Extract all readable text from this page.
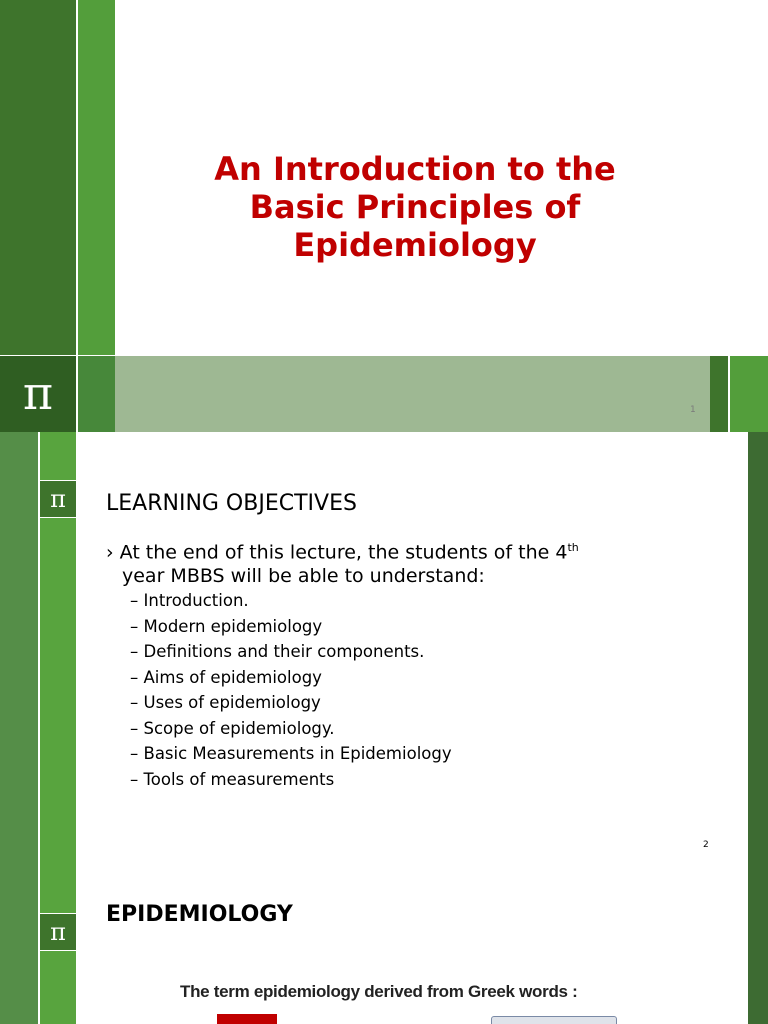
π
An Introduction to the
Basic Principles of
Epidemiology
1
π	LEARNING OBJECTIVES
› At the end of this lecture, the students of the 4th
year MBBS will be able to understand:
– Introduction.
– Modern epidemiology
– Definitions and their components.
– Aims of epidemiology
– Uses of epidemiology
– Scope of epidemiology.
– Basic Measurements in Epidemiology
– Tools of measurements
2
π
EPIDEMIOLOGY
The term epidemiology derived from Greek words :
